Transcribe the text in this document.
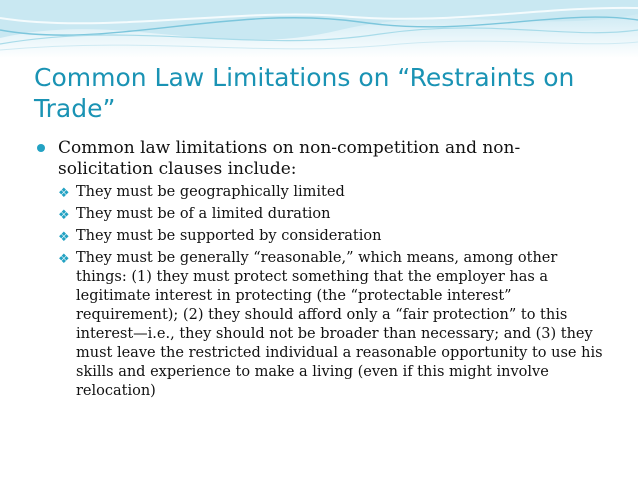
Common Law Limitations on “Restraints on Trade”
Common law limitations on non-competition and non-solicitation clauses include:
❖ They must be geographically limited
❖ They must be of a limited duration
❖ They must be supported by consideration
❖ They must be generally “reasonable,” which means, among other things: (1) they must protect something that the employer has a legitimate interest in protecting (the “protectable interest” requirement); (2) they should afford only a “fair protection” to this interest—i.e., they should not be broader than necessary; and (3) they must leave the restricted individual a reasonable opportunity to use his skills and experience to make a living (even if this might involve relocation)
